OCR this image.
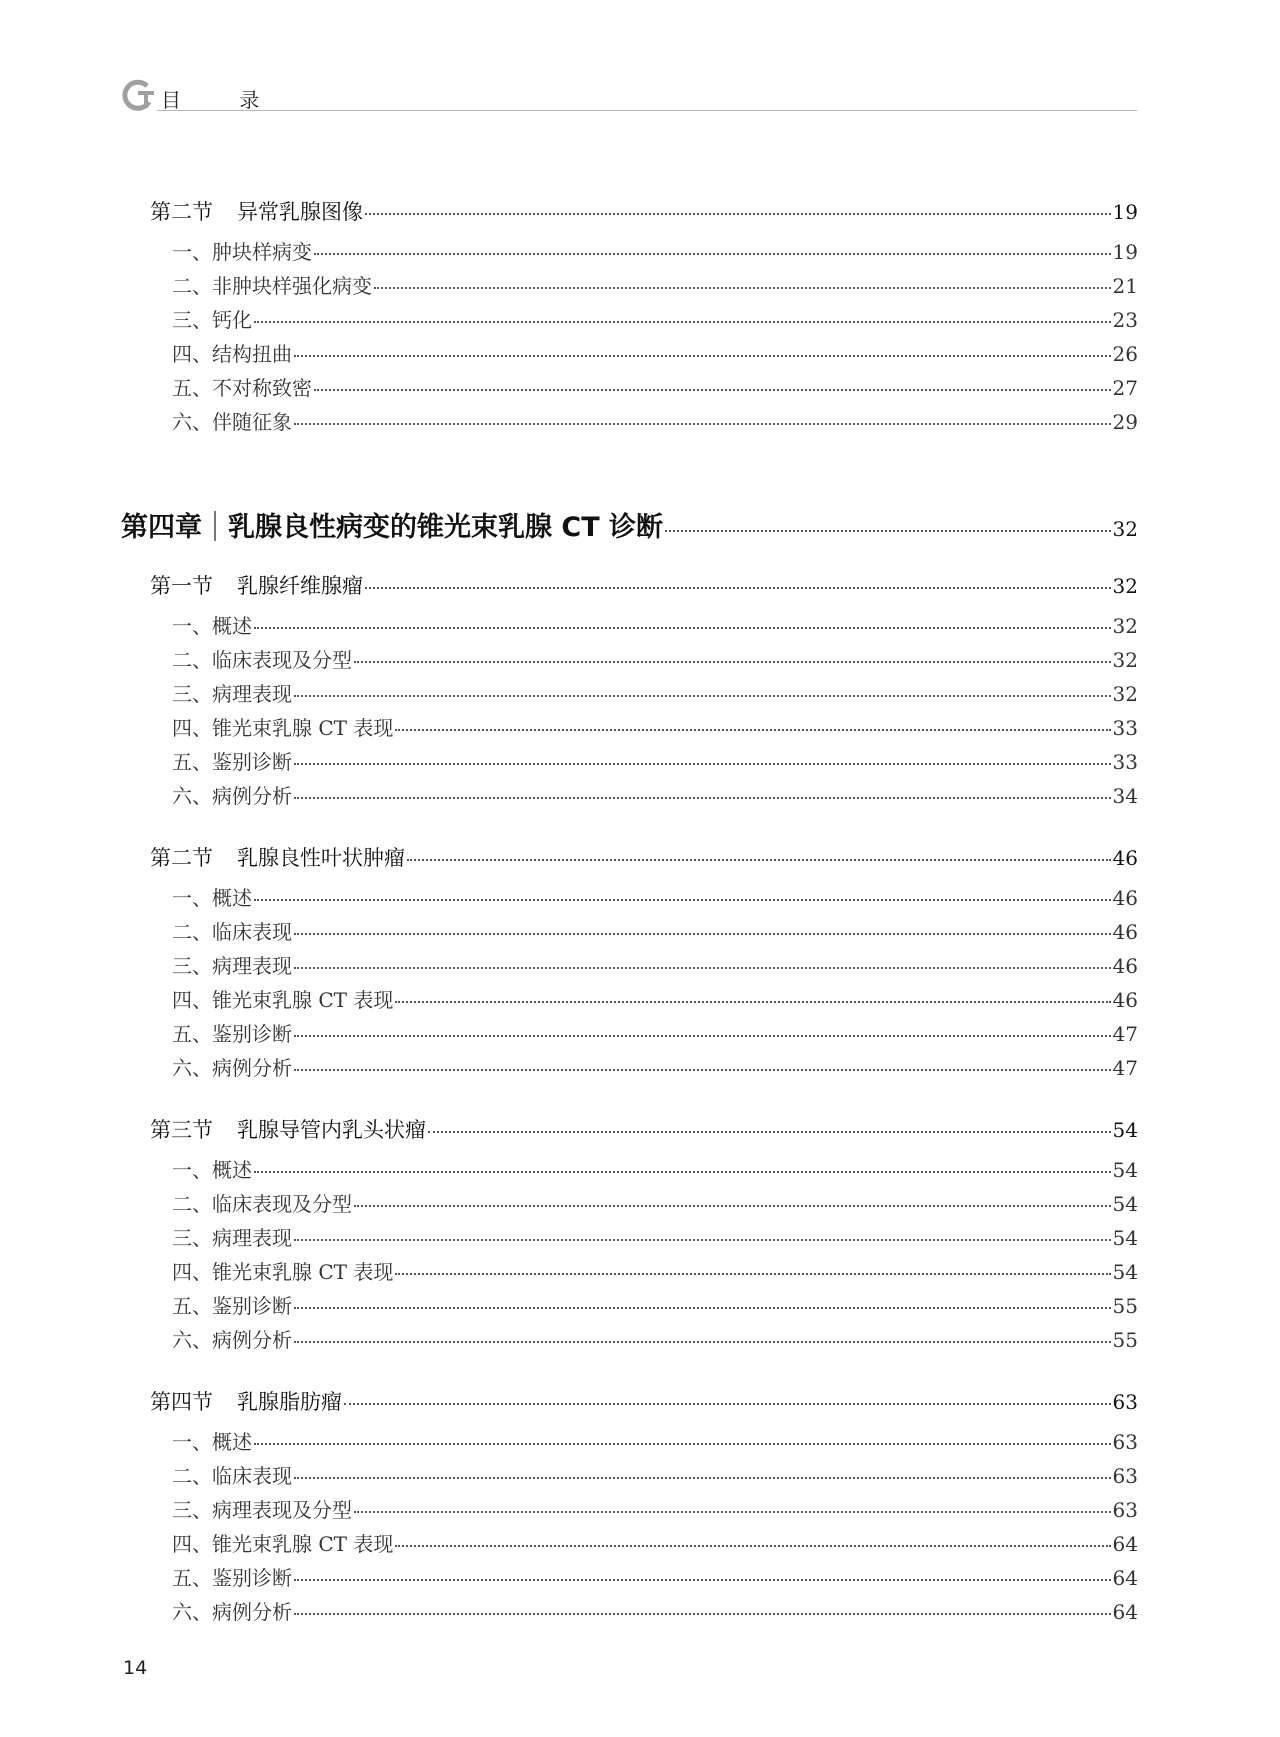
目 录
第二节 异常乳腺图像	19
一、肿块样病变	19
二、非肿块样强化病变	21
三、钙化	23
四、结构扭曲	26
五、不对称致密	27
六、伴随征象	29
第四章 乳腺良性病变的锥光束乳腺 CT 诊断	32
第一节 乳腺纤维腺瘤	32
一、概述	32
二、临床表现及分型	32
三、病理表现	32
四、锥光束乳腺 CT 表现	33
五、鉴别诊断	33
六、病例分析	34
第二节 乳腺良性叶状肿瘤	46
一、概述	46
二、临床表现	46
三、病理表现	46
四、锥光束乳腺 CT 表现	46
五、鉴别诊断	47
六、病例分析	47
第三节 乳腺导管内乳头状瘤	54
一、概述	54
二、临床表现及分型	54
三、病理表现	54
四、锥光束乳腺 CT 表现	54
五、鉴别诊断	55
六、病例分析	55
第四节 乳腺脂肪瘤	63
一、概述	63
二、临床表现	63
三、病理表现及分型	63
四、锥光束乳腺 CT 表现	64
五、鉴别诊断	64
六、病例分析	64
14
